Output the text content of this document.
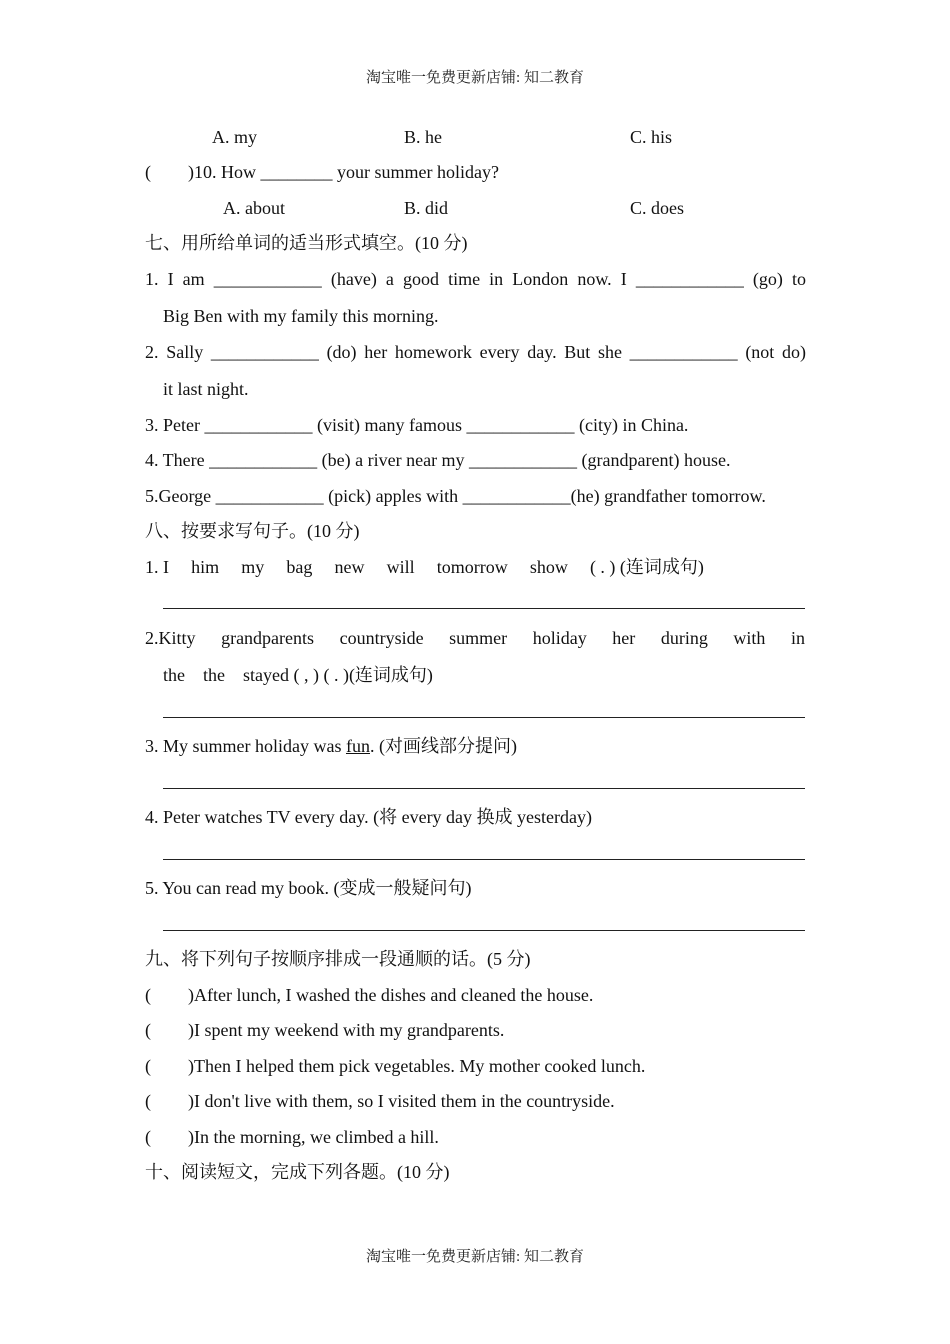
淘宝唯一免费更新店铺: 知二教育
A. my	B. he	C. his
( )10. How ________ your summer holiday?
A. about	B. did	C. does
七、用所给单词的适当形式填空。(10 分)
1. I am ____________ (have) a good time in London now. I ____________ (go) to
Big Ben with my family this morning.
2. Sally ____________ (do) her homework every day. But she ____________ (not do)
it last night.
3. Peter ____________ (visit) many famous ____________ (city) in China.
4. There ____________ (be) a river near my ____________ (grandparent) house.
5.George ____________ (pick) apples with ____________(he) grandfather tomorrow.
八、按要求写句子。(10 分)
1. I him my bag new will tomorrow show ( . ) (连词成句)
2.Kitty grandparents countryside summer holiday her during with in
the    the    stayed ( , ) ( . )(连词成句)
3. My summer holiday was fun. (对画线部分提问)
4. Peter watches TV every day. (将 every day 换成 yesterday)
5. You can read my book. (变成一般疑问句)
九、将下列句子按顺序排成一段通顺的话。(5 分)
( )After lunch, I washed the dishes and cleaned the house.
( )I spent my weekend with my grandparents.
( )Then I helped them pick vegetables. My mother cooked lunch.
( )I don't live with them, so I visited them in the countryside.
( )In the morning, we climbed a hill.
十、阅读短文，完成下列各题。(10 分)
淘宝唯一免费更新店铺: 知二教育
